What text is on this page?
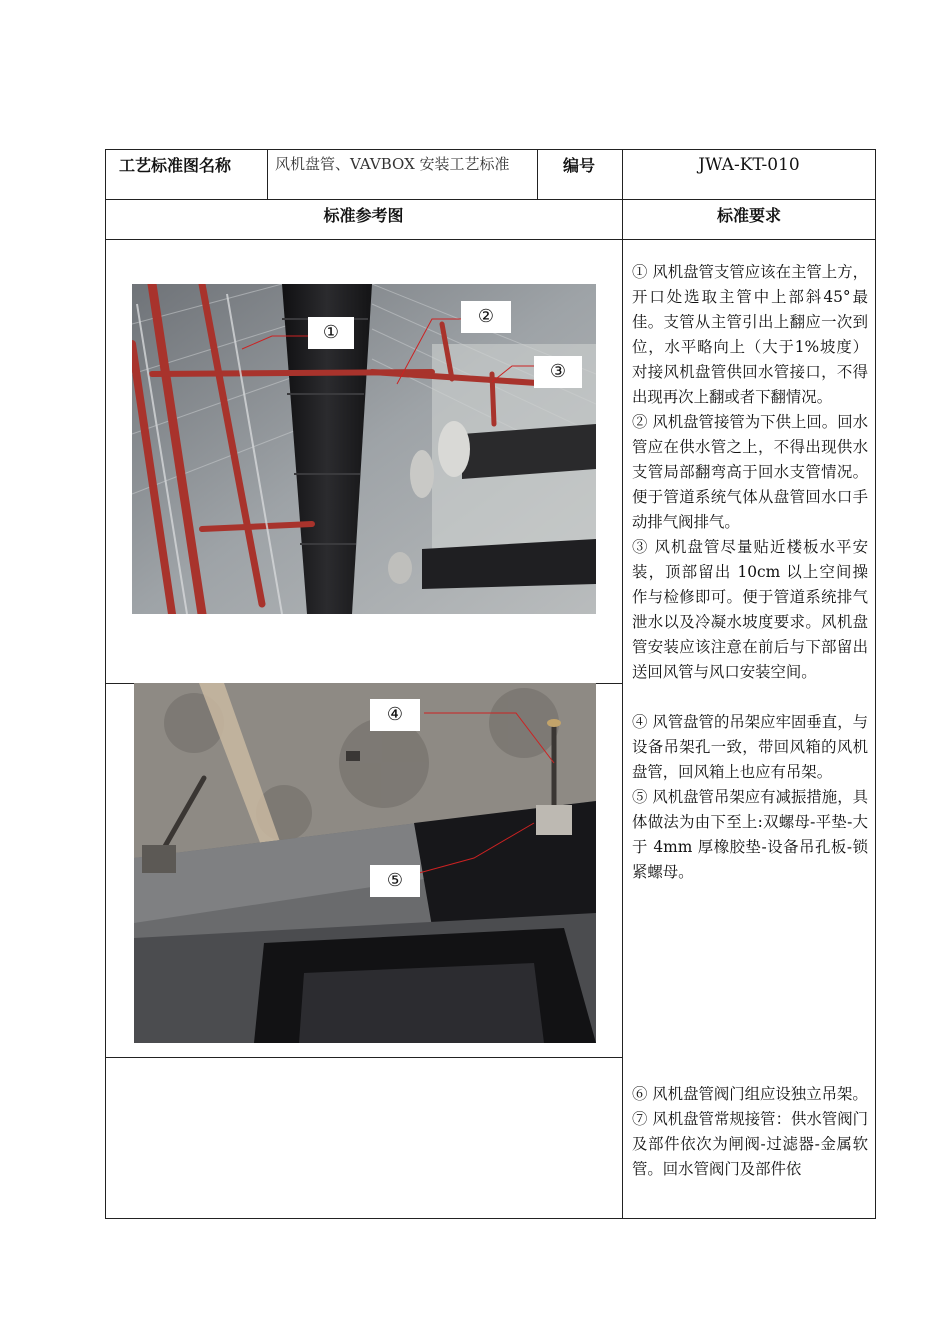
工艺标准图名称	风机盘管、VAVBOX 安装工艺标准	编号	JWA-KT-010
标准参考图	标准要求
①
②
③
④
⑤

① 风机盘管支管应该在主管上方，开口处选取主管中上部斜45°最佳。支管从主管引出上翻应一次到位，水平略向上（大于1%坡度）对接风机盘管供回水管接口，不得出现再次上翻或者下翻情况。

② 风机盘管接管为下供上回。回水管应在供水管之上，不得出现供水支管局部翻弯高于回水支管情况。便于管道系统气体从盘管回水口手动排气阀排气。

③ 风机盘管尽量贴近楼板水平安装，顶部留出 10cm 以上空间操作与检修即可。便于管道系统排气泄水以及冷凝水坡度要求。风机盘管安装应该注意在前后与下部留出送回风管与风口安装空间。

④ 风管盘管的吊架应牢固垂直，与设备吊架孔一致，带回风箱的风机盘管，回风箱上也应有吊架。

⑤ 风机盘管吊架应有减振措施，具体做法为由下至上:双螺母-平垫-大于 4mm 厚橡胶垫-设备吊孔板-锁紧螺母。

⑥ 风机盘管阀门组应设独立吊架。

⑦ 风机盘管常规接管：供水管阀门及部件依次为闸阀-过滤器-金属软管。回水管阀门及部件依
